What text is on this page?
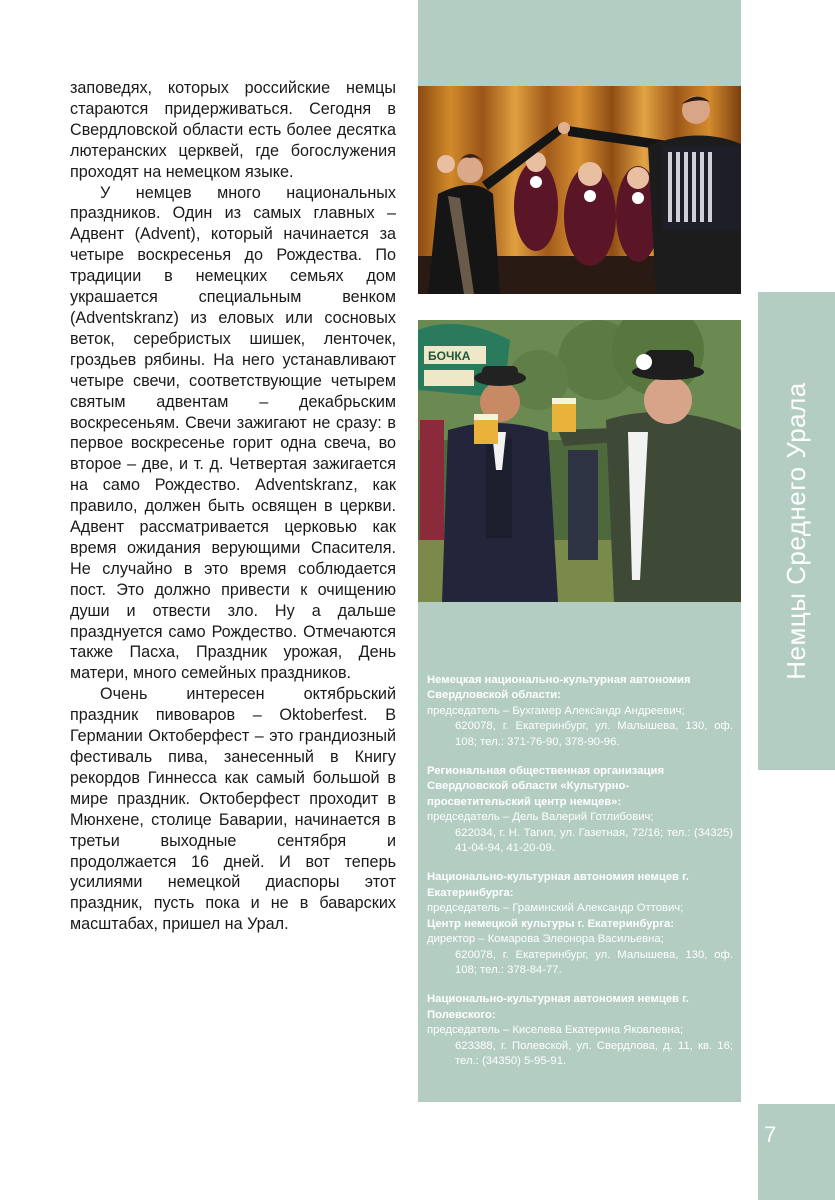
Немцы Среднего Урала
7

заповедях, которых российские немцы стараются придерживаться. Сегодня в Свердловской области есть более десятка лютеранских церквей, где богослужения проходят на немецком языке.

У немцев много национальных праздников. Один из самых главных – Адвент (Advent), который начинается за четыре воскресенья до Рождества. По традиции в немецких семьях дом украшается специальным венком (Adventskranz) из еловых или сосновых веток, серебристых шишек, ленточек, гроздьев рябины. На него устанавливают четыре свечи, соответствующие четырем святым адвентам – декабрьским воскресеньям. Свечи зажигают не сразу: в первое воскресенье горит одна свеча, во второе – две, и т. д. Четвертая зажигается на само Рождество. Adventskranz, как правило, должен быть освящен в церкви. Адвент рассматривается церковью как время ожидания верующими Спасителя. Не случайно в это время соблюдается пост. Это должно привести к очищению души и отвести зло. Ну а дальше празднуется само Рождество. Отмечаются также Пасха, Праздник урожая, День матери, много семейных праздников.

Очень интересен октябрьский праздник пивоваров – Oktoberfest. В Германии Октоберфест – это грандиозный фестиваль пива, занесенный в Книгу рекордов Гиннесса как самый большой в мире праздник. Октоберфест проходит в Мюнхене, столице Баварии, начинается в третьи выходные сентября и продолжается 16 дней. И вот теперь усилиями немецкой диаспоры этот праздник, пусть пока и не в баварских масштабах, пришел на Урал.

БОЧКА
Немецкая национально-культурная автономия Свердловской области:
председатель – Бухгамер Александр Андреевич;
620078, г. Екатеринбург, ул. Малышева, 130, оф. 108; тел.: 371-76-90, 378-90-96.
Региональная общественная организация Свердловской области «Культурно-просветительский центр немцев»:
председатель – Дель Валерий Готлибович;
622034, г. Н. Тагил, ул. Газетная, 72/16; тел.: (34325) 41-04-94, 41-20-09.
Национально-культурная автономия немцев г. Екатеринбурга:
председатель – Граминский Александр Оттович;
Центр немецкой культуры г. Екатеринбурга:
директор – Комарова Элеонора Васильевна;
620078, г. Екатеринбург, ул. Малышева, 130, оф. 108; тел.: 378-84-77.
Национально-культурная автономия немцев г. Полевского:
председатель – Киселева Екатерина Яковлевна;
623388, г. Полевской, ул. Свердлова, д. 11, кв. 16; тел.: (34350) 5-95-91.
